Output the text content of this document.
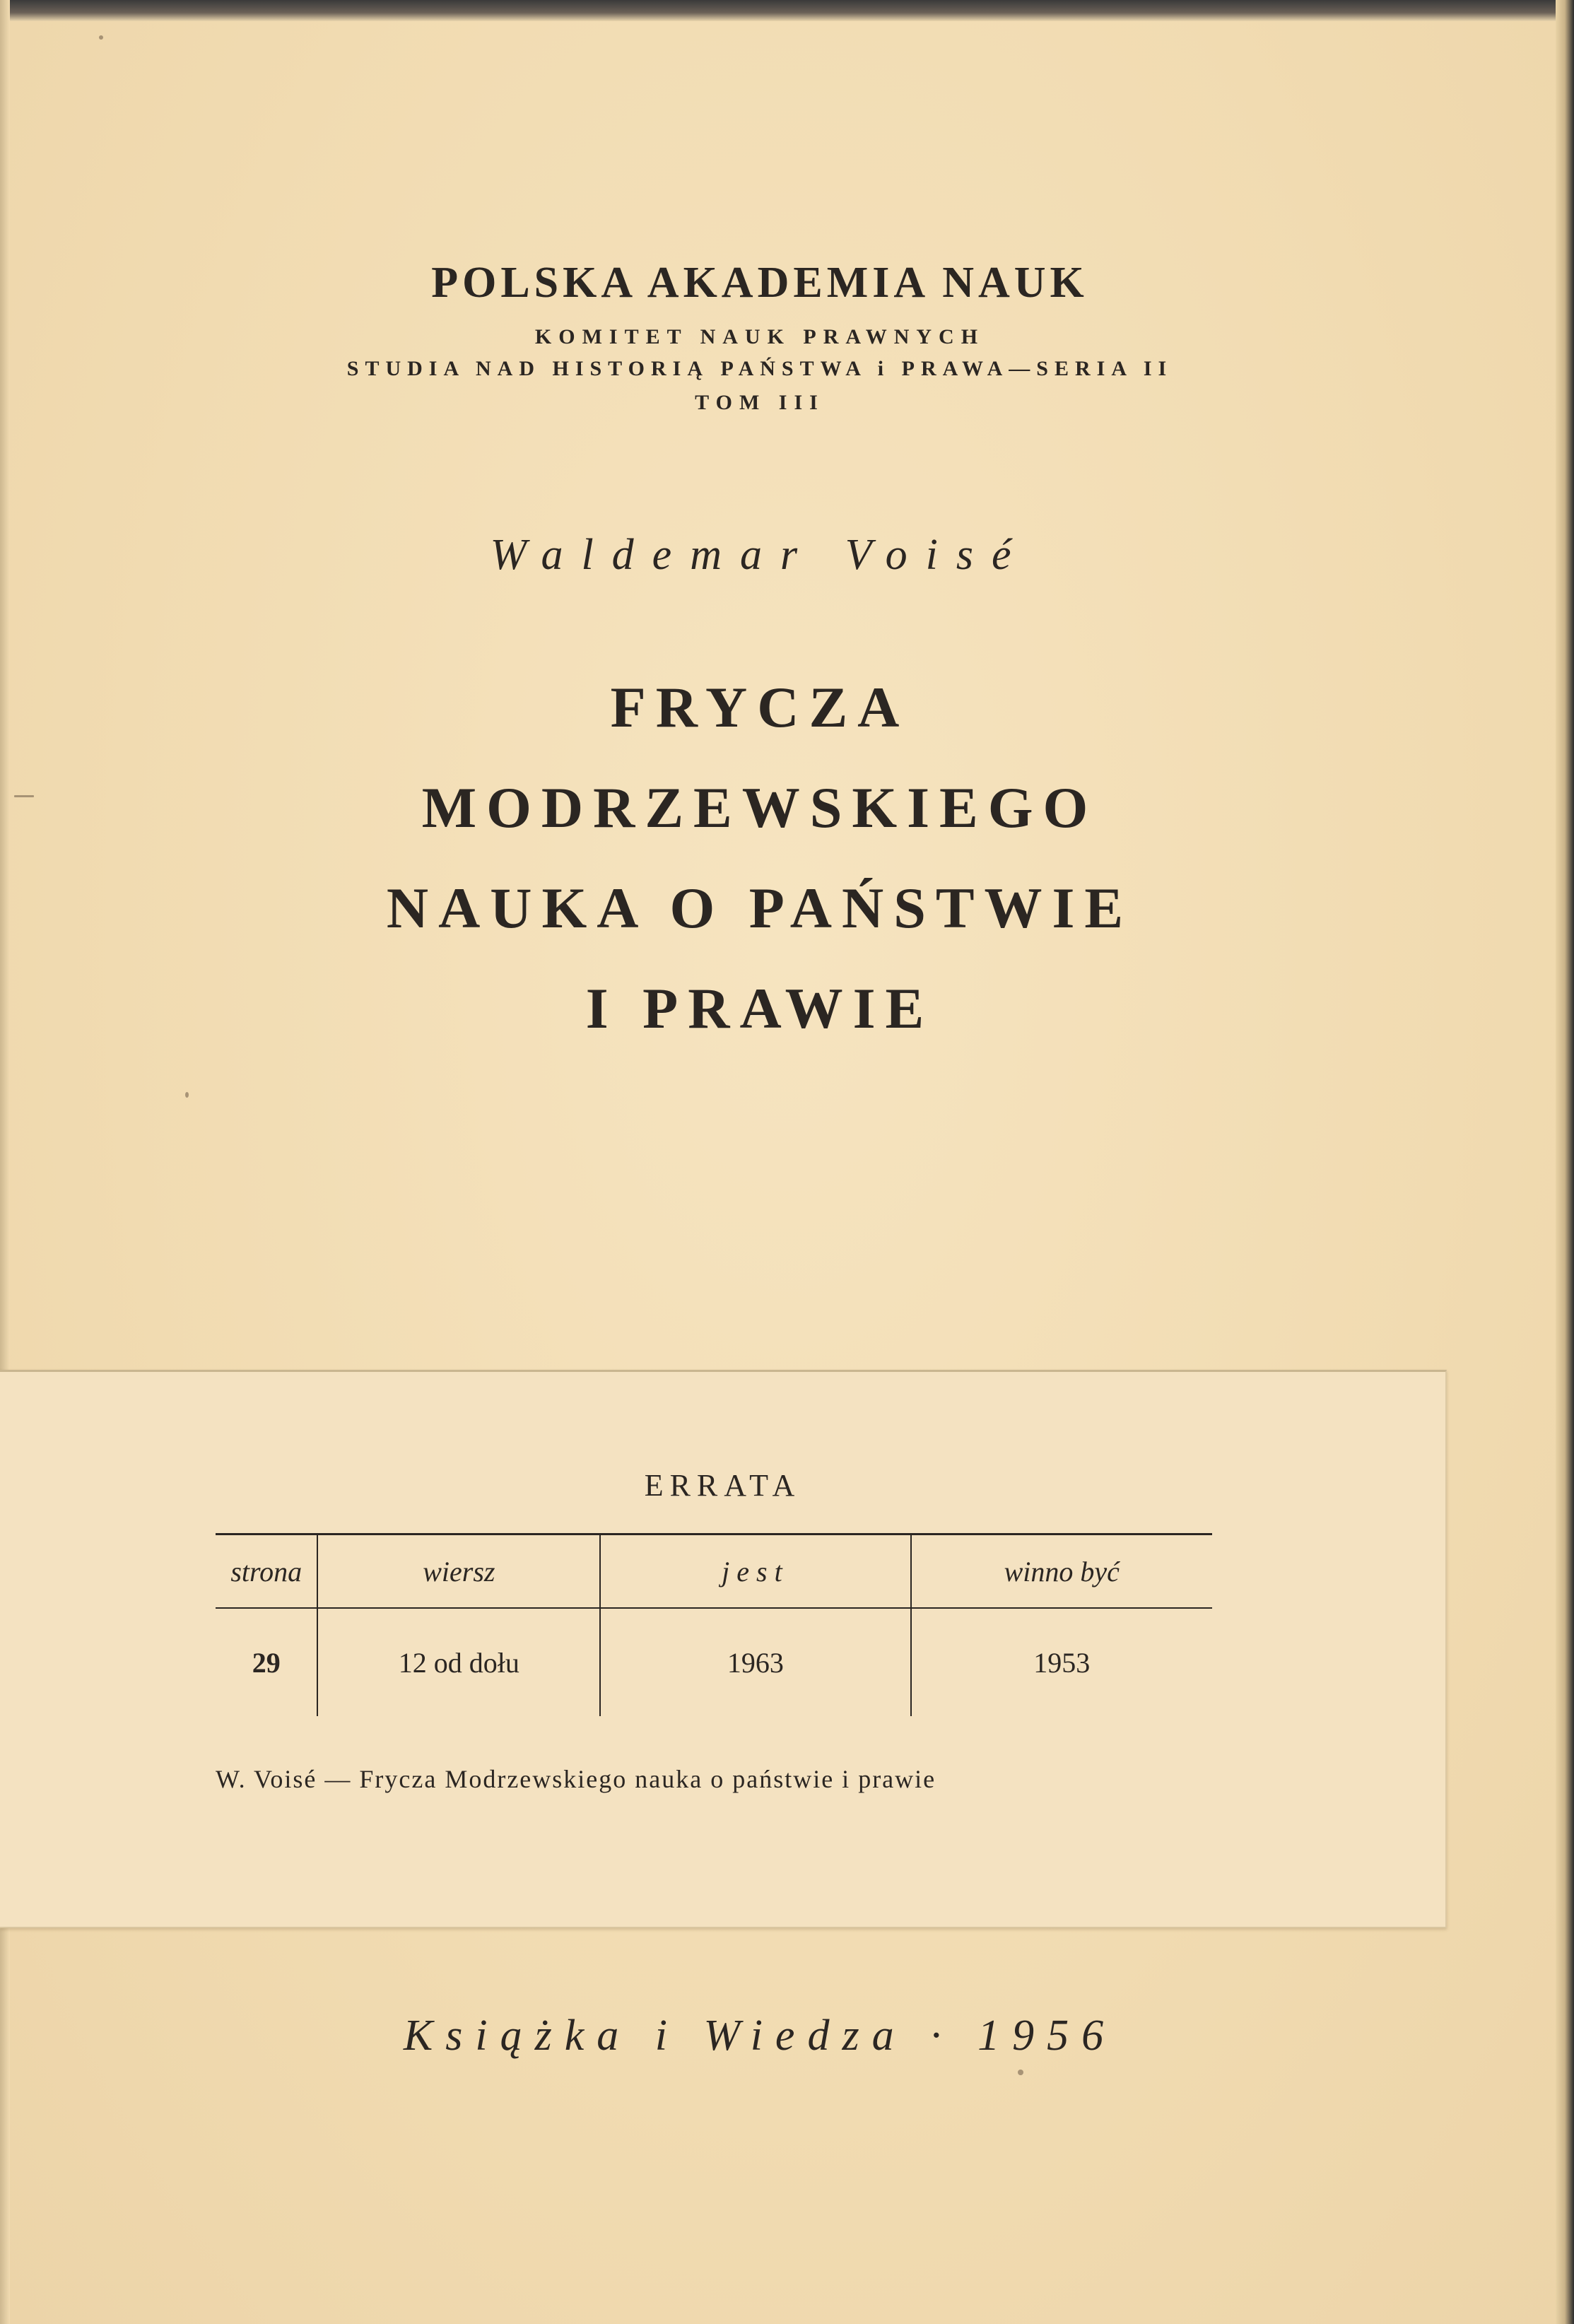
POLSKA AKADEMIA NAUK
KOMITET NAUK PRAWNYCH
STUDIA NAD HISTORIĄ PAŃSTWA i PRAWA—SERIA II
TOM III
Waldemar Voisé
FRYCZA
MODRZEWSKIEGO
NAUKA O PAŃSTWIE
I PRAWIE
ERRATA
strona	wiersz	jest	winno być
29	12 od dołu	1963	1953
W. Voisé — Frycza Modrzewskiego nauka o państwie i prawie
Książka i Wiedza · 1956
